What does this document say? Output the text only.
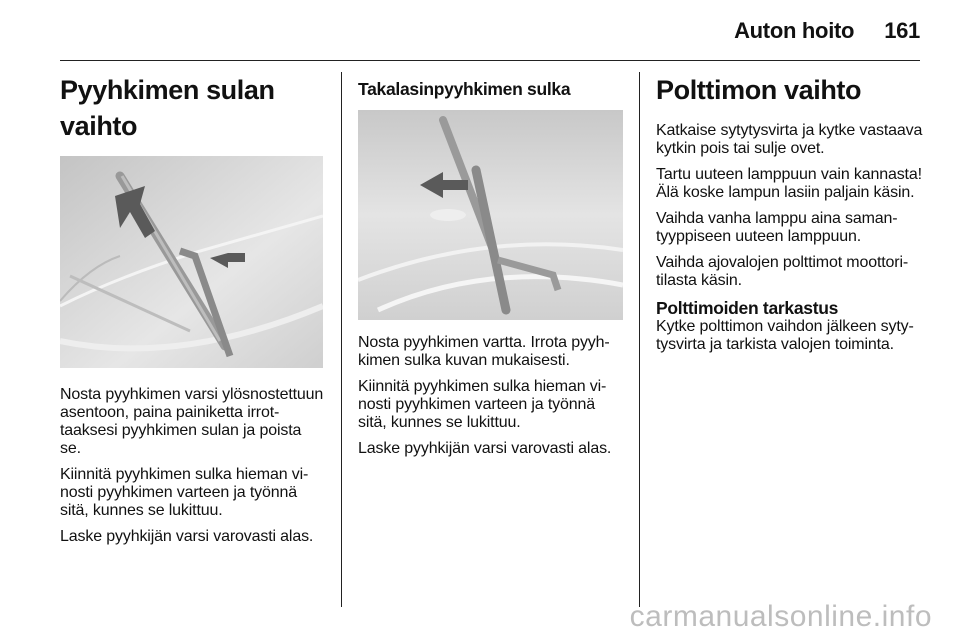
Auton hoito 161
Pyyhkimen sulan vaihto

Nosta pyyhkimen varsi ylösnostettuun asentoon, paina painiketta irrottaaksesi pyyhkimen sulan ja poista se.

Kiinnitä pyyhkimen sulka hieman vinosti pyyhkimen varteen ja työnnä sitä, kunnes se lukittuu.

Laske pyyhkijän varsi varovasti alas.

Takalasinpyyhkimen sulka

Nosta pyyhkimen vartta. Irrota pyyhkimen sulka kuvan mukaisesti.

Kiinnitä pyyhkimen sulka hieman vinosti pyyhkimen varteen ja työnnä sitä, kunnes se lukittuu.

Laske pyyhkijän varsi varovasti alas.

Polttimon vaihto

Katkaise sytytysvirta ja kytke vastaava kytkin pois tai sulje ovet.

Tartu uuteen lamppuun vain kannasta! Älä koske lampun lasiin paljain käsin.

Vaihda vanha lamppu aina samantyyppiseen uuteen lamppuun.

Vaihda ajovalojen polttimot moottoritilasta käsin.

Polttimoiden tarkastus

Kytke polttimon vaihdon jälkeen sytytysvirta ja tarkista valojen toiminta.

carmanualsonline.info
